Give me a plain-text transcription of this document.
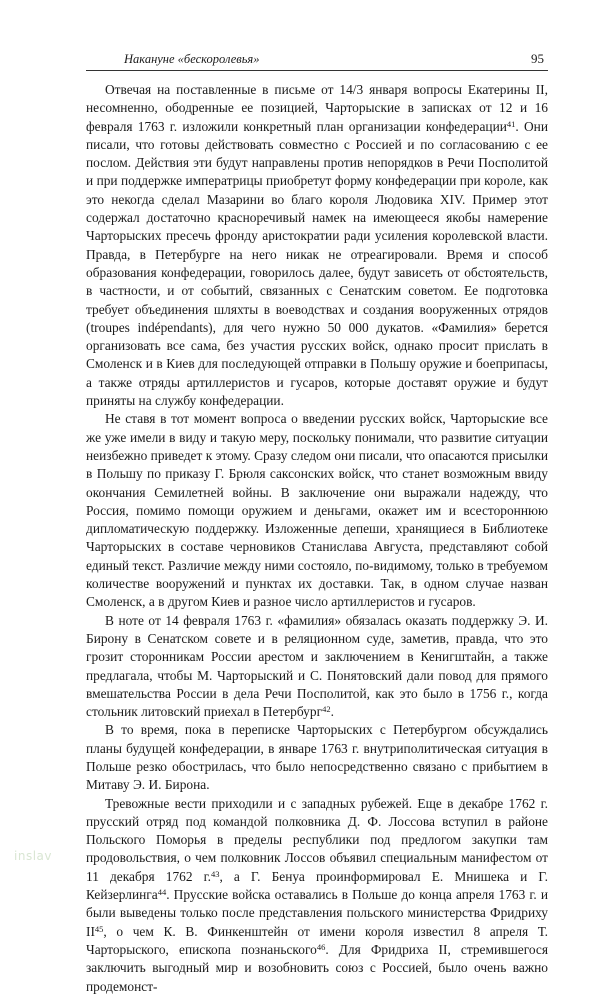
Накануне «бескоролевья»	95

Отвечая на поставленные в письме от 14/3 января вопросы Екатерины II, несомненно, ободренные ее позицией, Чарторыские в записках от 12 и 16 февраля 1763 г. изложили конкретный план организации конфедерации$^{41}$. Они писали, что готовы действовать совместно с Россией и по согласованию с ее послом. Действия эти будут направлены против непорядков в Речи Посполитой и при поддержке императрицы приобретут форму конфедерации при короле, как это некогда сделал Мазарини во благо короля Людовика XIV. Пример этот содержал достаточно красноречивый намек на имеющееся якобы намерение Чарторыских пресечь фронду аристократии ради усиления королевской власти. Правда, в Петербурге на него никак не отреагировали. Время и способ образования конфедерации, говорилось далее, будут зависеть от обстоятельств, в частности, и от событий, связанных с Сенатским советом. Ее подготовка требует объединения шляхты в воеводствах и создания вооруженных отрядов (troupes indépendants), для чего нужно 50 000 дукатов. «Фамилия» берется организовать все сама, без участия русских войск, однако просит прислать в Смоленск и в Киев для последующей отправки в Польшу оружие и боеприпасы, а также отряды артиллеристов и гусаров, которые доставят оружие и будут приняты на службу конфедерации.

Не ставя в тот момент вопроса о введении русских войск, Чарторыские все же уже имели в виду и такую меру, поскольку понимали, что развитие ситуации неизбежно приведет к этому. Сразу следом они писали, что опасаются присылки в Польшу по приказу Г. Брюля саксонских войск, что станет возможным ввиду окончания Семилетней войны. В заключение они выражали надежду, что Россия, помимо помощи оружием и деньгами, окажет им и всестороннюю дипломатическую поддержку. Изложенные депеши, хранящиеся в Библиотеке Чарторыских в составе черновиков Станислава Августа, представляют собой единый текст. Различие между ними состояло, по-видимому, только в требуемом количестве вооружений и пунктах их доставки. Так, в одном случае назван Смоленск, а в другом Киев и разное число артиллеристов и гусаров.

В ноте от 14 февраля 1763 г. «фамилия» обязалась оказать поддержку Э. И. Бирону в Сенатском совете и в реляционном суде, заметив, правда, что это грозит сторонникам России арестом и заключением в Кенигштайн, а также предлагала, чтобы М. Чарторыский и С. Понятовский дали повод для прямого вмешательства России в дела Речи Посполитой, как это было в 1756 г., когда стольник литовский приехал в Петербург$^{42}$.

В то время, пока в переписке Чарторыских с Петербургом обсуждались планы будущей конфедерации, в январе 1763 г. внутриполитическая ситуация в Польше резко обострилась, что было непосредственно связано с прибытием в Митаву Э. И. Бирона.

Тревожные вести приходили и с западных рубежей. Еще в декабре 1762 г. прусский отряд под командой полковника Д. Ф. Лоссова вступил в районе Польского Поморья в пределы республики под предлогом закупки там продовольствия, о чем полковник Лоссов объявил специальным манифестом от 11 декабря 1762 г.$^{43}$, а Г. Бенуа проинформировал Е. Мнишека и Г. Кейзерлинга$^{44}$. Прусские войска оставались в Польше до конца апреля 1763 г. и были выведены только после представления польского министерства Фридриху II$^{45}$, о чем К. В. Финкенштейн от имени короля известил 8 апреля Т. Чарторыского, епископа познаньского$^{46}$. Для Фридриха II, стремившегося заключить выгодный мир и возобновить союз с Россией, было очень важно продемонст-

inslav
